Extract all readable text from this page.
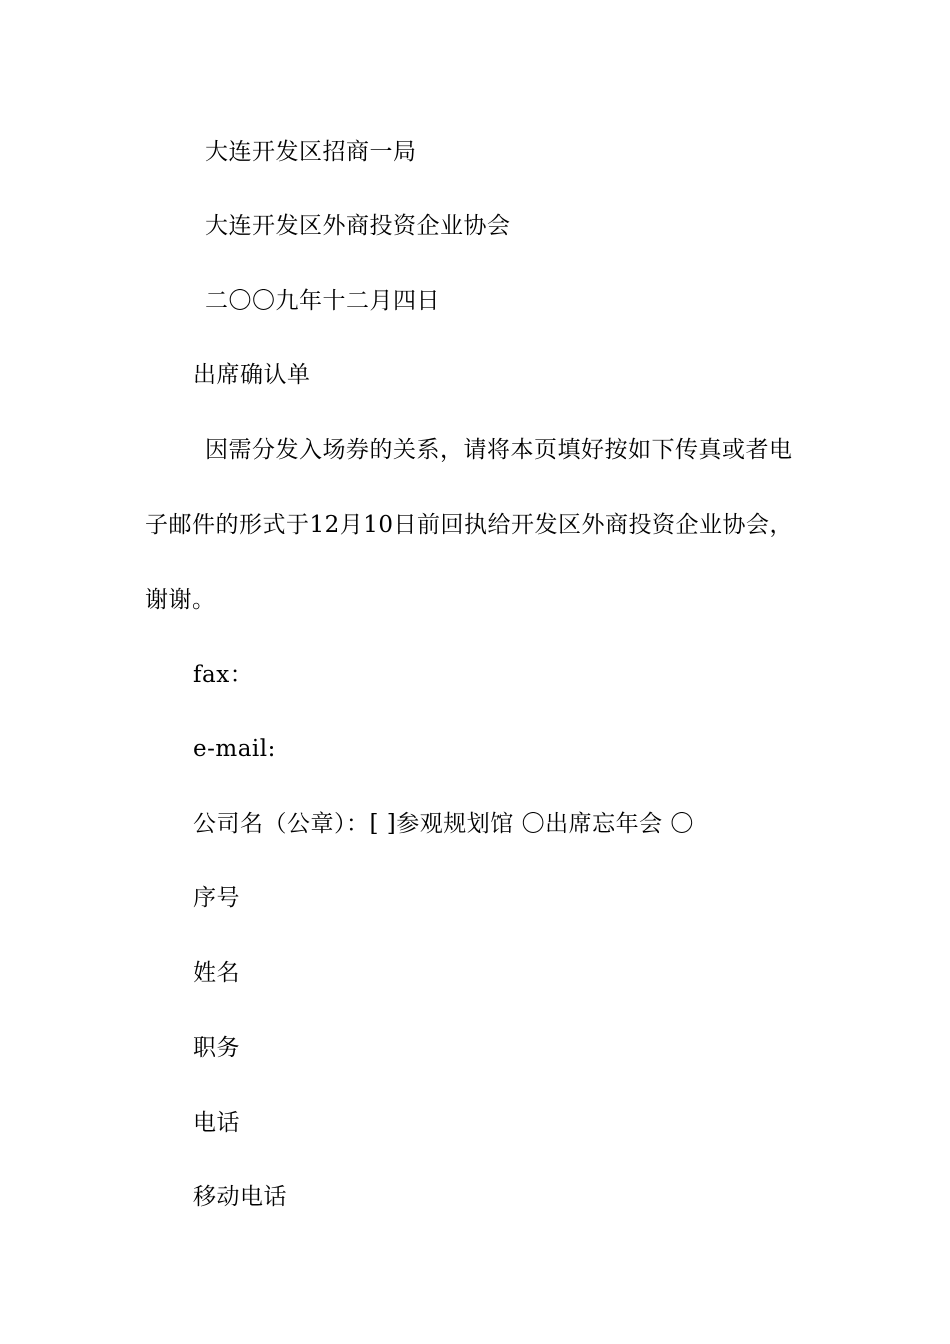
大连开发区招商一局
大连开发区外商投资企业协会
二〇〇九年十二月四日
出席确认单
因需分发入场券的关系，请将本页填好按如下传真或者电
子邮件的形式于12月10日前回执给开发区外商投资企业协会，
谢谢。
fax：
e-mail:
公司名（公章）：[ ]参观规划馆 〇出席忘年会 〇
序号
姓名
职务
电话
移动电话
